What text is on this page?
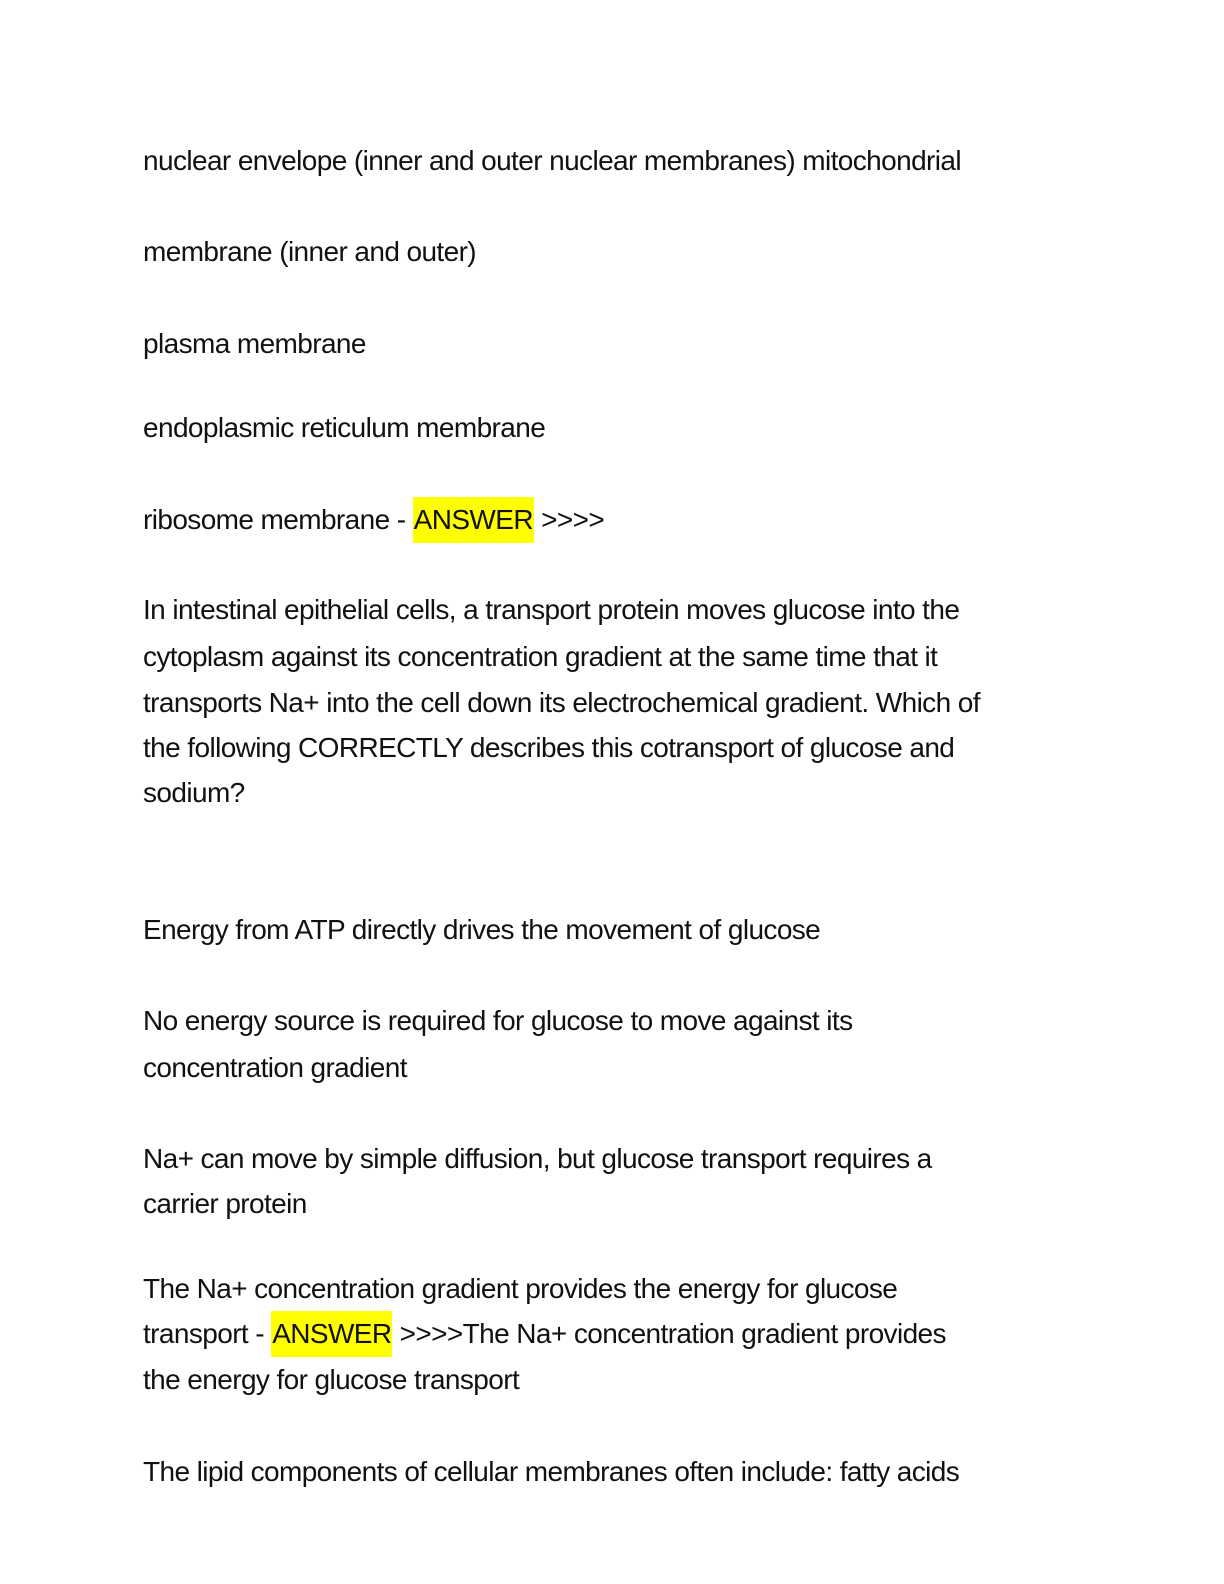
nuclear envelope (inner and outer nuclear membranes) mitochondrial
membrane (inner and outer)
plasma membrane
endoplasmic reticulum membrane
ribosome membrane - ANSWER >>>>
In intestinal epithelial cells, a transport protein moves glucose into the
cytoplasm against its concentration gradient at the same time that it
transports Na+ into the cell down its electrochemical gradient. Which of
the following CORRECTLY describes this cotransport of glucose and
sodium?
Energy from ATP directly drives the movement of glucose
No energy source is required for glucose to move against its
concentration gradient
Na+ can move by simple diffusion, but glucose transport requires a
carrier protein
The Na+ concentration gradient provides the energy for glucose
transport - ANSWER >>>>The Na+ concentration gradient provides
the energy for glucose transport
The lipid components of cellular membranes often include: fatty acids
